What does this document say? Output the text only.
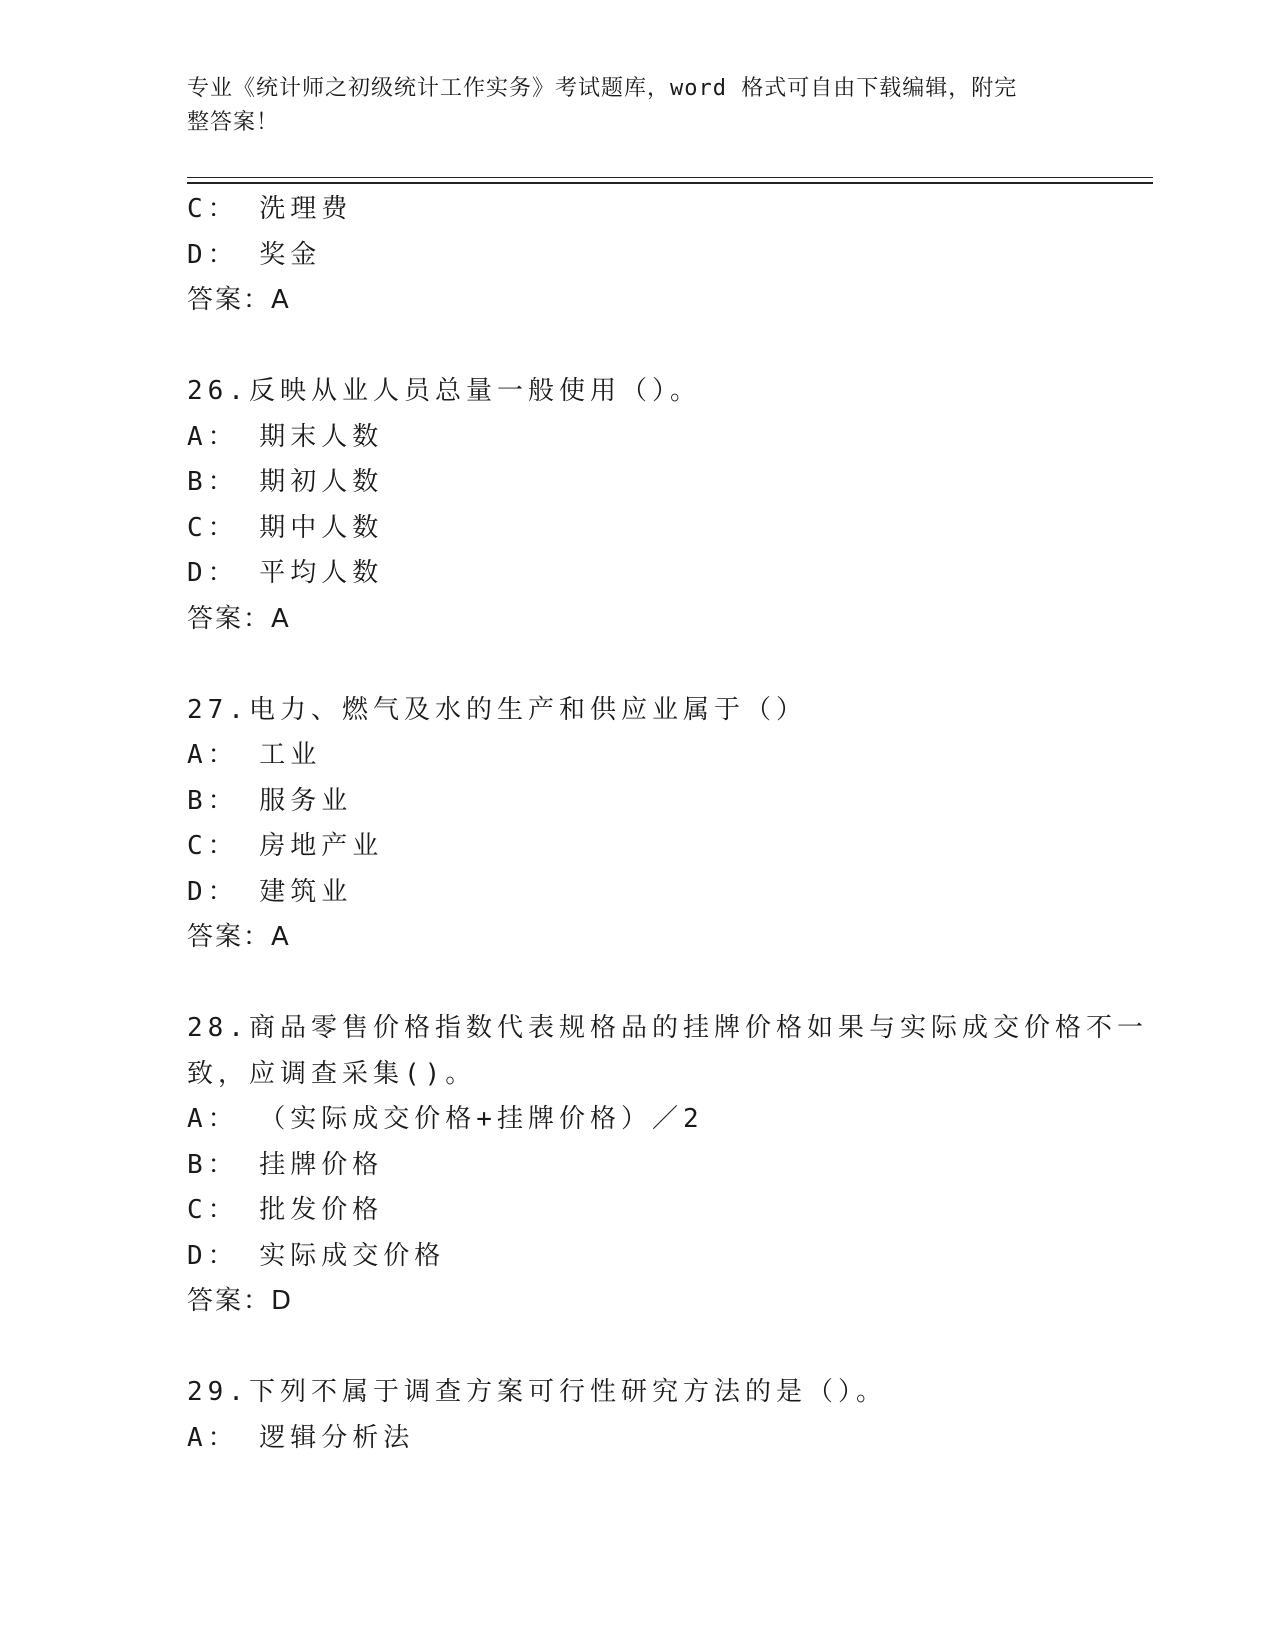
专业《统计师之初级统计工作实务》考试题库，word 格式可自由下载编辑，附完
整答案！
C： 洗理费
D： 奖金
答案：A
26.反映从业人员总量一般使用（）。
A： 期末人数
B： 期初人数
C： 期中人数
D： 平均人数
答案：A
27.电力、燃气及水的生产和供应业属于（）
A： 工业
B： 服务业
C： 房地产业
D： 建筑业
答案：A
28.商品零售价格指数代表规格品的挂牌价格如果与实际成交价格不一
致，应调查采集()。
A： （实际成交价格+挂牌价格）／2
B： 挂牌价格
C： 批发价格
D： 实际成交价格
答案：D
29.下列不属于调查方案可行性研究方法的是（）。
A： 逻辑分析法
